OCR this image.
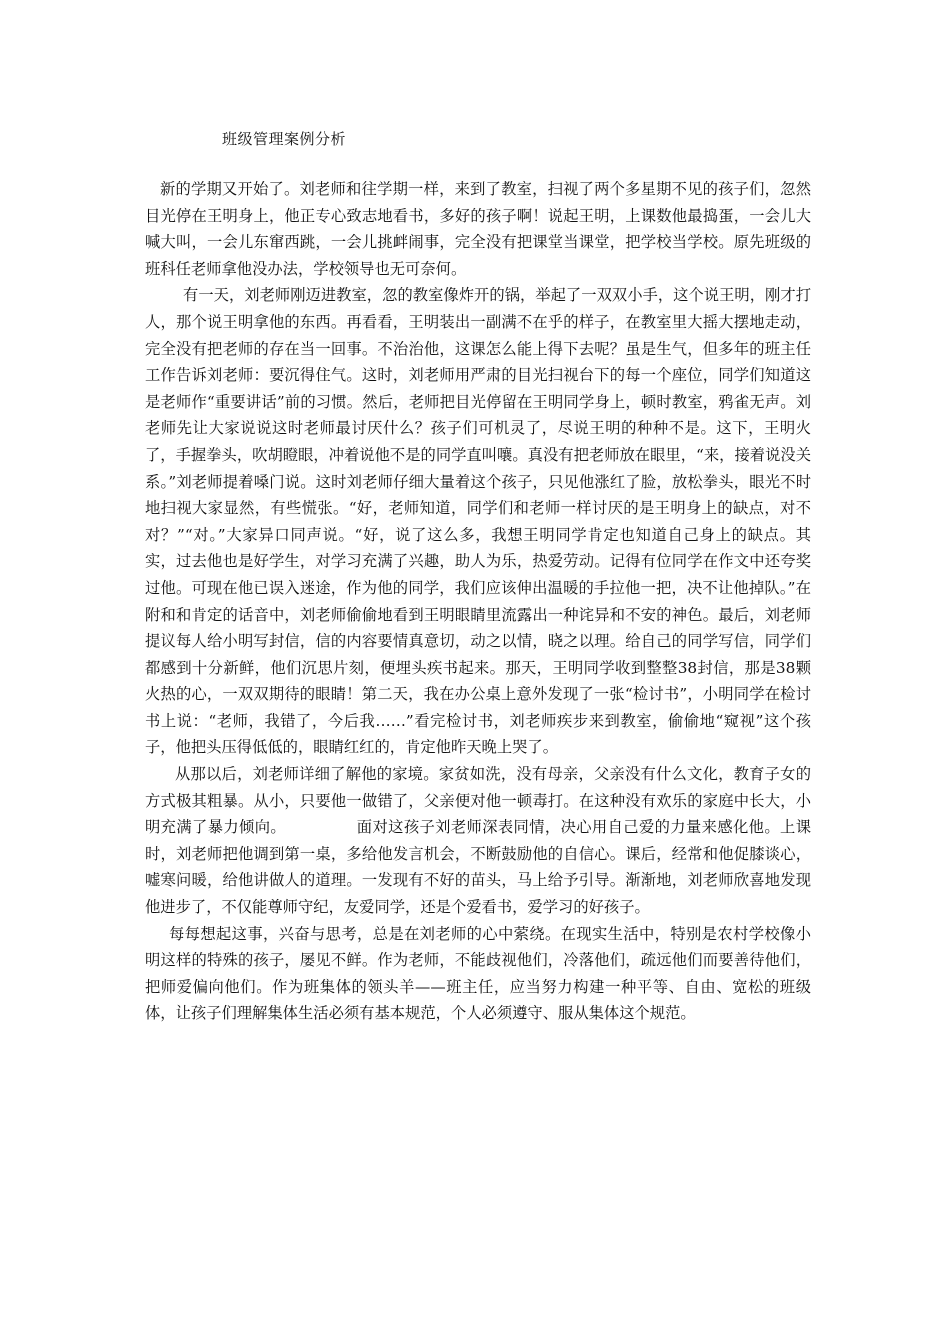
班级管理案例分析

新的学期又开始了。刘老师和往学期一样，来到了教室，扫视了两个多星期不见的孩子们，忽然目光停在王明身上，他正专心致志地看书，多好的孩子啊！说起王明，上课数他最捣蛋，一会儿大喊大叫，一会儿东窜西跳，一会儿挑衅闹事，完全没有把课堂当课堂，把学校当学校。原先班级的班科任老师拿他没办法，学校领导也无可奈何。

有一天，刘老师刚迈进教室，忽的教室像炸开的锅，举起了一双双小手，这个说王明，刚才打人，那个说王明拿他的东西。再看看，王明装出一副满不在乎的样子，在教室里大摇大摆地走动，完全没有把老师的存在当一回事。不治治他，这课怎么能上得下去呢？虽是生气，但多年的班主任工作告诉刘老师：要沉得住气。这时，刘老师用严肃的目光扫视台下的每一个座位，同学们知道这是老师作“重要讲话”前的习惯。然后，老师把目光停留在王明同学身上，顿时教室，鸦雀无声。刘老师先让大家说说这时老师最讨厌什么？孩子们可机灵了，尽说王明的种种不是。这下，王明火了，手握拳头，吹胡瞪眼，冲着说他不是的同学直叫嚷。真没有把老师放在眼里，“来，接着说没关系。”刘老师提着嗓门说。这时刘老师仔细大量着这个孩子，只见他涨红了脸，放松拳头，眼光不时地扫视大家显然，有些慌张。“好，老师知道，同学们和老师一样讨厌的是王明身上的缺点，对不对？”“对。”大家异口同声说。“好，说了这么多，我想王明同学肯定也知道自己身上的缺点。其实，过去他也是好学生，对学习充满了兴趣，助人为乐，热爱劳动。记得有位同学在作文中还夸奖过他。可现在他已误入迷途，作为他的同学，我们应该伸出温暖的手拉他一把，决不让他掉队。”在附和和肯定的话音中，刘老师偷偷地看到王明眼睛里流露出一种诧异和不安的神色。最后，刘老师提议每人给小明写封信，信的内容要情真意切，动之以情，晓之以理。给自己的同学写信，同学们都感到十分新鲜，他们沉思片刻，便埋头疾书起来。那天，王明同学收到整整38封信，那是38颗火热的心，一双双期待的眼睛！第二天，我在办公桌上意外发现了一张“检讨书”，小明同学在检讨书上说：“老师，我错了，今后我……”看完检讨书，刘老师疾步来到教室，偷偷地“窥视”这个孩子，他把头压得低低的，眼睛红红的，肯定他昨天晚上哭了。

从那以后，刘老师详细了解他的家境。家贫如洗，没有母亲，父亲没有什么文化，教育子女的方式极其粗暴。从小，只要他一做错了，父亲便对他一顿毒打。在这种没有欢乐的家庭中长大，小明充满了暴力倾向。　　　　　面对这孩子刘老师深表同情，决心用自己爱的力量来感化他。上课时，刘老师把他调到第一桌，多给他发言机会，不断鼓励他的自信心。课后，经常和他促膝谈心，嘘寒问暖，给他讲做人的道理。一发现有不好的苗头，马上给予引导。渐渐地，刘老师欣喜地发现他进步了，不仅能尊师守纪，友爱同学，还是个爱看书，爱学习的好孩子。

每每想起这事，兴奋与思考，总是在刘老师的心中萦绕。在现实生活中，特别是农村学校像小明这样的特殊的孩子，屡见不鲜。作为老师，不能歧视他们，冷落他们，疏远他们而要善待他们，把师爱偏向他们。作为班集体的领头羊——班主任，应当努力构建一种平等、自由、宽松的班级体，让孩子们理解集体生活必须有基本规范，个人必须遵守、服从集体这个规范。
